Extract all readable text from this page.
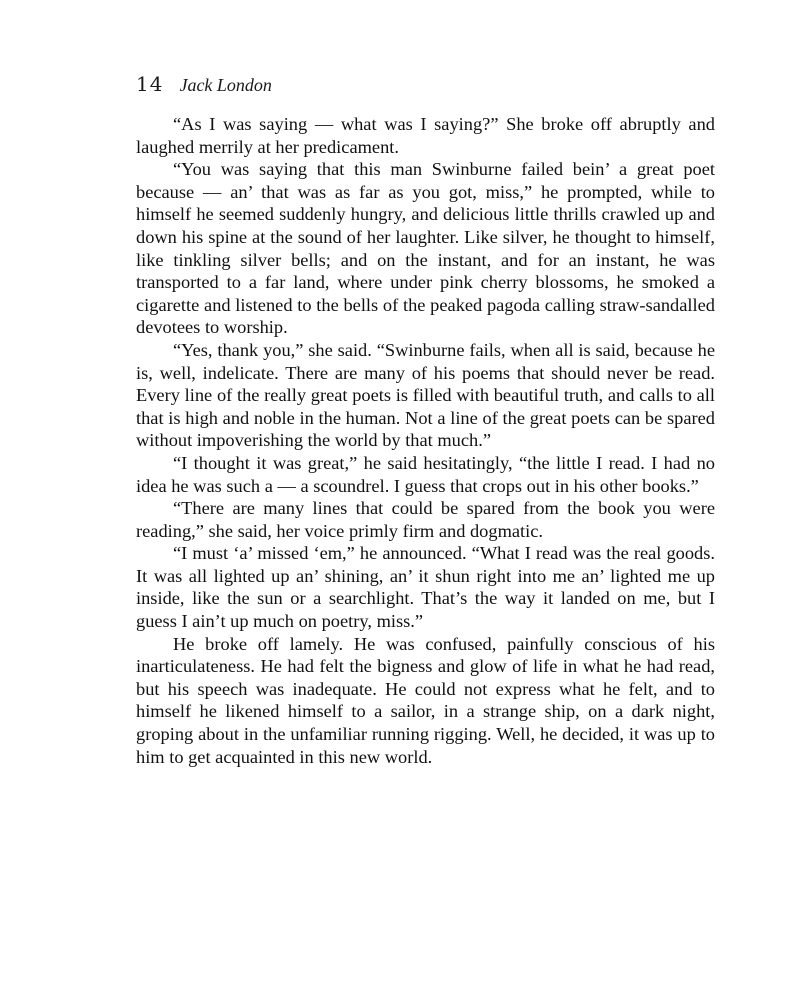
14 Jack London

“As I was saying — what was I saying?” She broke off abruptly and laughed merrily at her predicament.

“You was saying that this man Swinburne failed bein’ a great poet because — an’ that was as far as you got, miss,” he prompted, while to himself he seemed suddenly hungry, and delicious little thrills crawled up and down his spine at the sound of her laughter. Like silver, he thought to himself, like tinkling silver bells; and on the instant, and for an instant, he was transported to a far land, where under pink cherry blossoms, he smoked a cigarette and listened to the bells of the peaked pagoda calling straw-sandalled devotees to worship.

“Yes, thank you,” she said. “Swinburne fails, when all is said, because he is, well, indelicate. There are many of his poems that should never be read. Every line of the really great poets is filled with beautiful truth, and calls to all that is high and noble in the human. Not a line of the great poets can be spared without impoverishing the world by that much.”

“I thought it was great,” he said hesitatingly, “the little I read. I had no idea he was such a — a scoundrel. I guess that crops out in his other books.”

“There are many lines that could be spared from the book you were reading,” she said, her voice primly firm and dogmatic.

“I must ‘a’ missed ‘em,” he announced. “What I read was the real goods. It was all lighted up an’ shining, an’ it shun right into me an’ lighted me up inside, like the sun or a searchlight. That’s the way it landed on me, but I guess I ain’t up much on poetry, miss.”

He broke off lamely. He was confused, painfully conscious of his inarticulateness. He had felt the bigness and glow of life in what he had read, but his speech was inadequate. He could not express what he felt, and to himself he likened himself to a sailor, in a strange ship, on a dark night, groping about in the unfamiliar running rigging. Well, he decided, it was up to him to get acquainted in this new world.
